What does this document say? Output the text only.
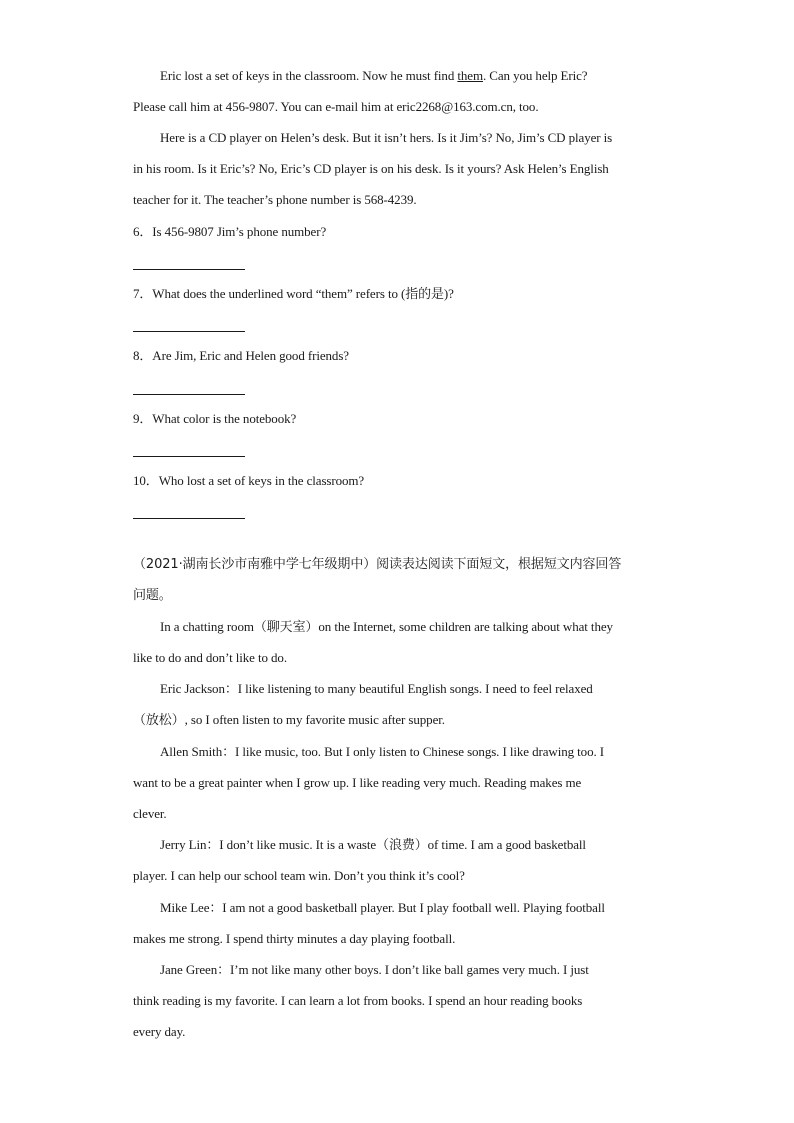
Eric lost a set of keys in the classroom. Now he must find them. Can you help Eric?
Please call him at 456-9807. You can e-mail him at eric2268@163.com.cn, too.
Here is a CD player on Helen’s desk. But it isn’t hers. Is it Jim’s? No, Jim’s CD player is
in his room. Is it Eric’s? No, Eric’s CD player is on his desk. Is it yours? Ask Helen’s English
teacher for it. The teacher’s phone number is 568-4239.
6．Is 456-9807 Jim’s phone number?
7．What does the underlined word “them” refers to (指的是)?
8．Are Jim, Eric and Helen good friends?
9．What color is the notebook?
10．Who lost a set of keys in the classroom?
（2021·湖南长沙市南雅中学七年级期中）阅读表达阅读下面短文，根据短文内容回答
问题。
In a chatting room（聊天室）on the Internet, some children are talking about what they
like to do and don’t like to do.
Eric Jackson：I like listening to many beautiful English songs. I need to feel relaxed
（放松）, so I often listen to my favorite music after supper.
Allen Smith：I like music, too. But I only listen to Chinese songs. I like drawing too. I
want to be a great painter when I grow up. I like reading very much. Reading makes me
clever.
Jerry Lin：I don’t like music. It is a waste（浪费）of time. I am a good basketball
player. I can help our school team win. Don’t you think it’s cool?
Mike Lee：I am not a good basketball player. But I play football well. Playing football
makes me strong. I spend thirty minutes a day playing football.
Jane Green：I’m not like many other boys. I don’t like ball games very much. I just
think reading is my favorite. I can learn a lot from books. I spend an hour reading books
every day.
